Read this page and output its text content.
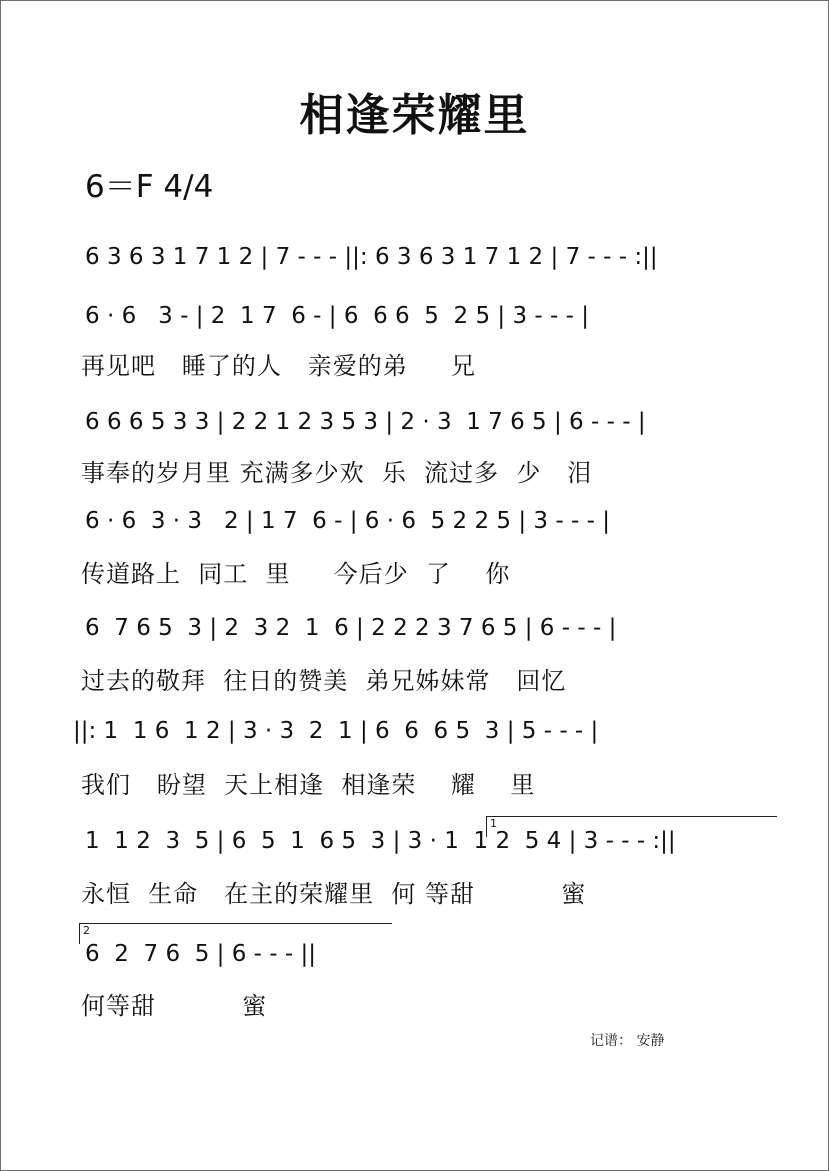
相逢荣耀里
6＝F 4/4
6 3 6 3 1 7 1 2 | 7 - - - ||: 6 3 6 3 1 7 1 2 | 7 - - - :||
6 · 6   3 - | 2  1 7  6 - | 6  6 6  5  2 5 | 3 - - - |
再见吧   睡了的人   亲爱的弟     兄
6 6 6 5 3 3 | 2 2 1 2 3 5 3 | 2 · 3  1 7 6 5 | 6 - - - |
事奉的岁月里 充满多少欢  乐  流过多  少   泪
6 · 6  3 · 3   2 | 1 7  6 - | 6 · 6  5 2 2 5 | 3 - - - |
传道路上  同工  里     今后少  了    你
6  7 6 5  3 | 2  3 2  1  6 | 2 2 2 3 7 6 5 | 6 - - - |
过去的敬拜  往日的赞美  弟兄姊妹常   回忆
||: 1  1 6  1 2 | 3 · 3  2  1 | 6  6  6 5  3 | 5 - - - |
我们   盼望  天上相逢  相逢荣    耀    里
1  1 2  3  5 | 6  5  1  6 5  3 | 3 · 1  1 2  5 4 | 3 - - - :||
永恒  生命   在主的荣耀里  何 等甜          蜜
6  2  7 6  5 | 6 - - - ||
何等甜          蜜
1
2
记谱： 安静
